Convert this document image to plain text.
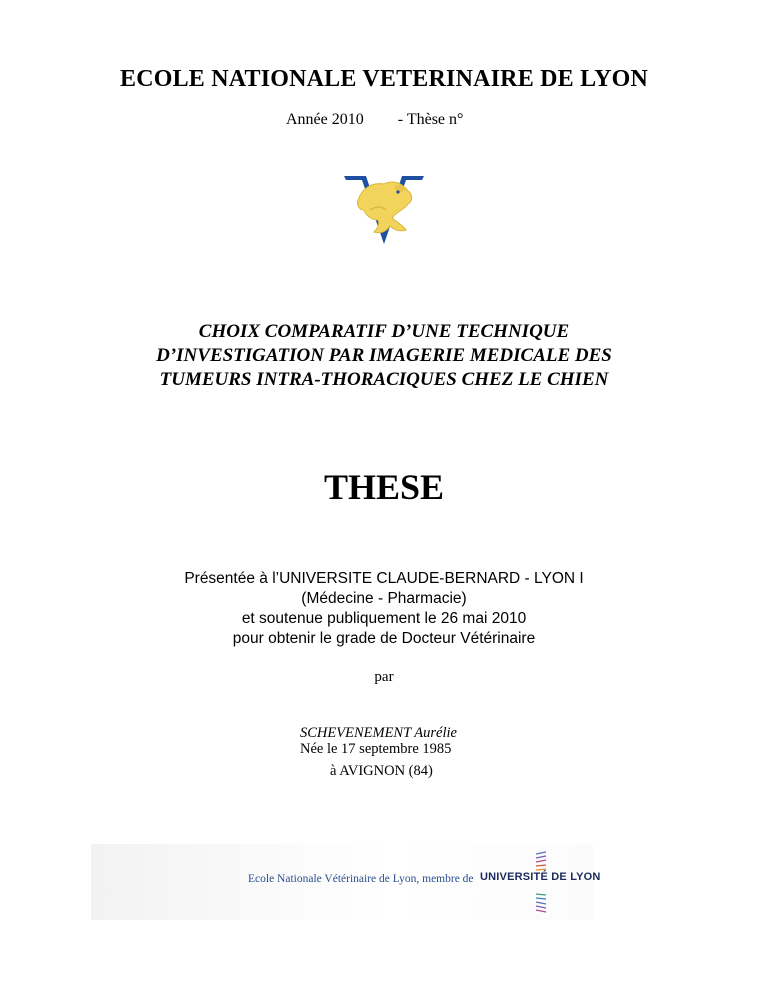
ECOLE NATIONALE VETERINAIRE DE LYON
Année 2010 - Thèse n°
CHOIX COMPARATIF D’UNE TECHNIQUE
D’INVESTIGATION PAR IMAGERIE MEDICALE DES
TUMEURS INTRA-THORACIQUES CHEZ LE CHIEN
THESE
Présentée à l’UNIVERSITE CLAUDE-BERNARD - LYON I
(Médecine - Pharmacie)
et soutenue publiquement le 26 mai 2010
pour obtenir le grade de Docteur Vétérinaire
par
SCHEVENEMENT Aurélie
Née le 17 septembre 1985
à AVIGNON (84)
Ecole Nationale Vétérinaire de Lyon, membre de UNIVERSITÉ DE LYON
